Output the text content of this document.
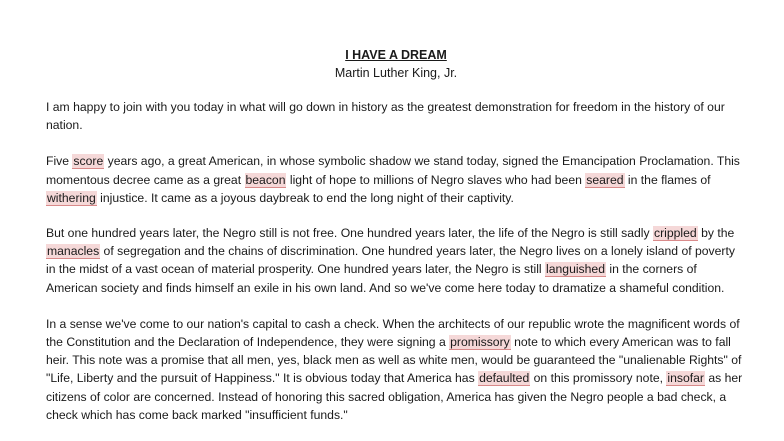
I HAVE A DREAM

Martin Luther King, Jr.

I am happy to join with you today in what will go down in history as the greatest demonstration for freedom in the history of our nation.

Five score years ago, a great American, in whose symbolic shadow we stand today, signed the Emancipation Proclamation. This momentous decree came as a great beacon light of hope to millions of Negro slaves who had been seared in the flames of withering injustice. It came as a joyous daybreak to end the long night of their captivity.

But one hundred years later, the Negro still is not free. One hundred years later, the life of the Negro is still sadly crippled by the manacles of segregation and the chains of discrimination. One hundred years later, the Negro lives on a lonely island of poverty in the midst of a vast ocean of material prosperity. One hundred years later, the Negro is still languished in the corners of American society and finds himself an exile in his own land. And so we've come here today to dramatize a shameful condition.

In a sense we've come to our nation's capital to cash a check. When the architects of our republic wrote the magnificent words of the Constitution and the Declaration of Independence, they were signing a promissory note to which every American was to fall heir. This note was a promise that all men, yes, black men as well as white men, would be guaranteed the "unalienable Rights" of "Life, Liberty and the pursuit of Happiness." It is obvious today that America has defaulted on this promissory note, insofar as her citizens of color are concerned. Instead of honoring this sacred obligation, America has given the Negro people a bad check, a check which has come back marked "insufficient funds."
